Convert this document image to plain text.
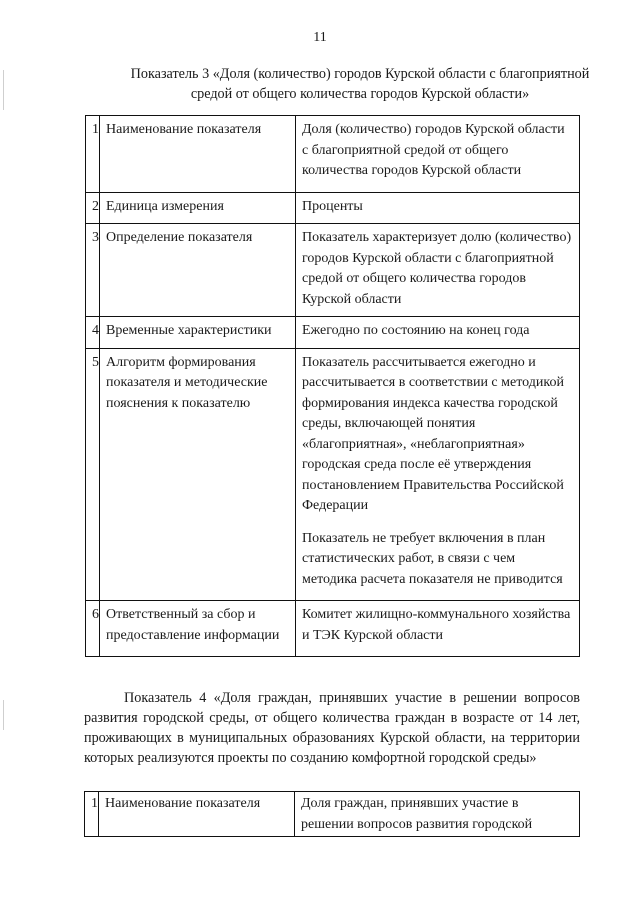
11
Показатель 3 «Доля (количество) городов Курской области с благоприятной средой от общего количества городов Курской области»
1	Наименование показателя	Доля (количество) городов Курской области с благоприятной средой от общего количества городов Курской области

2	Единица измерения	Проценты

3	Определение показателя	Показатель характеризует долю (количество) городов Курской области с благоприятной средой от общего количества городов Курской области

4	Временные характеристики	Ежегодно по состоянию на конец года

5	Алгоритм формирования показателя и методические пояснения к показателю	Показатель рассчитывается ежегодно и рассчитывается в соответствии с методикой формирования индекса качества городской среды, включающей понятия «благоприятная», «неблагоприятная» городская среда после её утверждения постановлением Правительства Российской Федерации

Показатель не требует включения в план статистических работ, в связи с чем методика расчета показателя не приводится

6	Ответственный за сбор и предоставление информации	Комитет жилищно-коммунального хозяйства и ТЭК Курской области

Показатель 4 «Доля граждан, принявших участие в решении вопросов развития городской среды, от общего количества граждан в возрасте от 14 лет, проживающих в муниципальных образованиях Курской области, на территории которых реализуются проекты по созданию комфортной городской среды»
1	Наименование показателя	Доля граждан, принявших участие в решении вопросов развития городской
